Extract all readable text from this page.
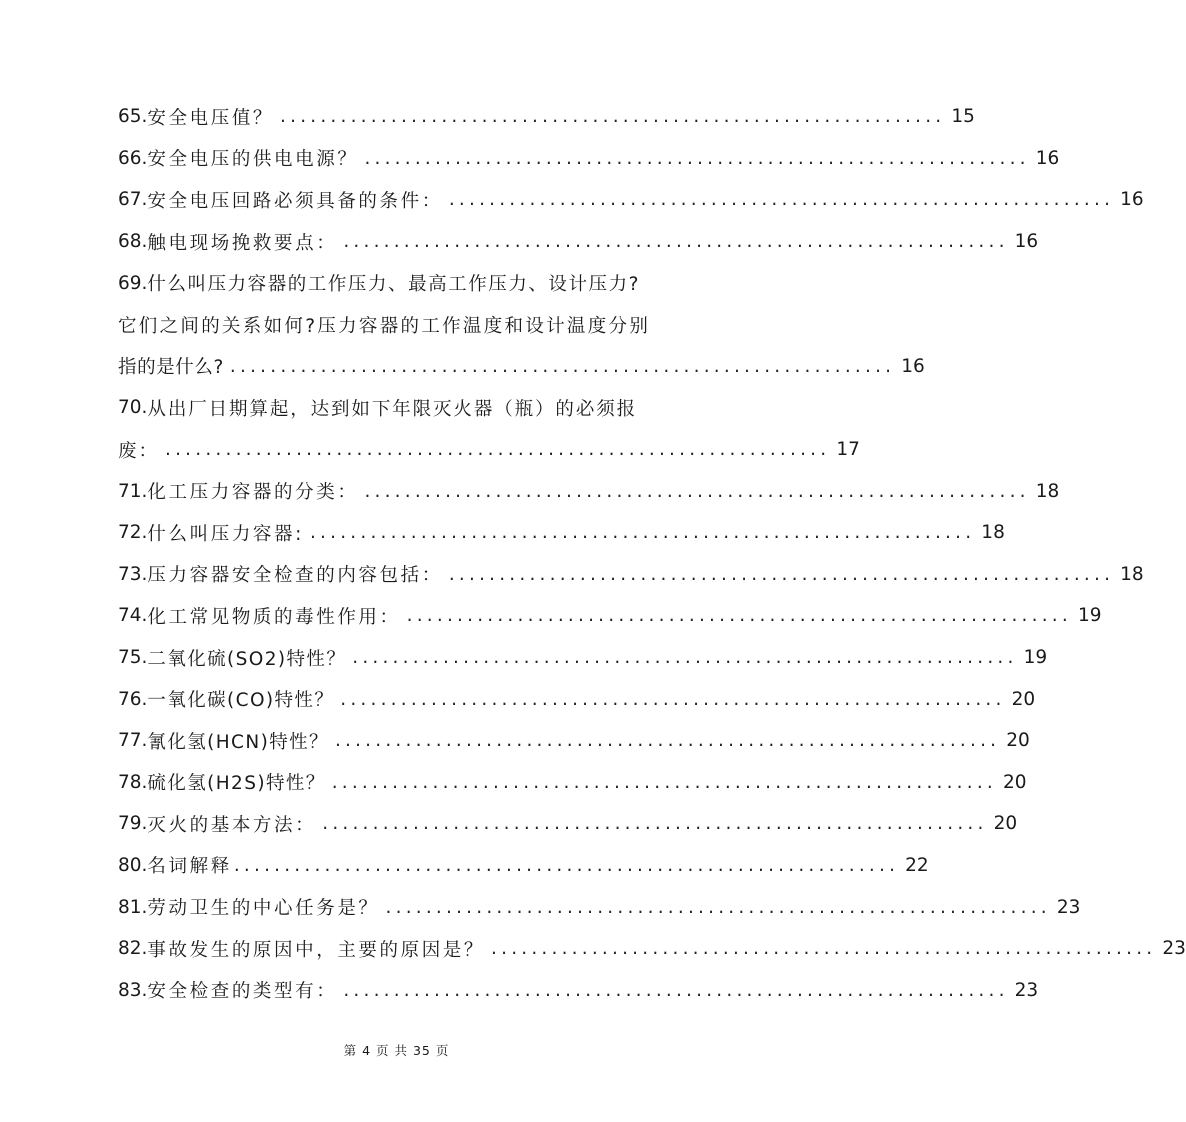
65. 安全电压值？ .................................................................. 15
66. 安全电压的供电电源？ .................................................................. 16
67. 安全电压回路必须具备的条件： .................................................................. 16
68. 触电现场挽救要点： .................................................................. 16
69. 什么叫压力容器的工作压力、最高工作压力、设计压力?
它们之间的关系如何?压力容器的工作温度和设计温度分别
指的是什么? .................................................................. 16
70. 从出厂日期算起，达到如下年限灭火器（瓶）的必须报
废： .................................................................. 17
71. 化工压力容器的分类： .................................................................. 18
72. 什么叫压力容器: .................................................................. 18
73. 压力容器安全检查的内容包括： .................................................................. 18
74. 化工常见物质的毒性作用： .................................................................. 19
75. 二氧化硫(SO2)特性？ .................................................................. 19
76. 一氧化碳(CO)特性？ .................................................................. 20
77. 氰化氢(HCN)特性？ .................................................................. 20
78. 硫化氢(H2S)特性？ .................................................................. 20
79. 灭火的基本方法： .................................................................. 20
80. 名词解释 .................................................................. 22
81. 劳动卫生的中心任务是？ .................................................................. 23
82. 事故发生的原因中，主要的原因是？ .................................................................. 23
83. 安全检查的类型有： .................................................................. 23
第 4 页 共 35 页
